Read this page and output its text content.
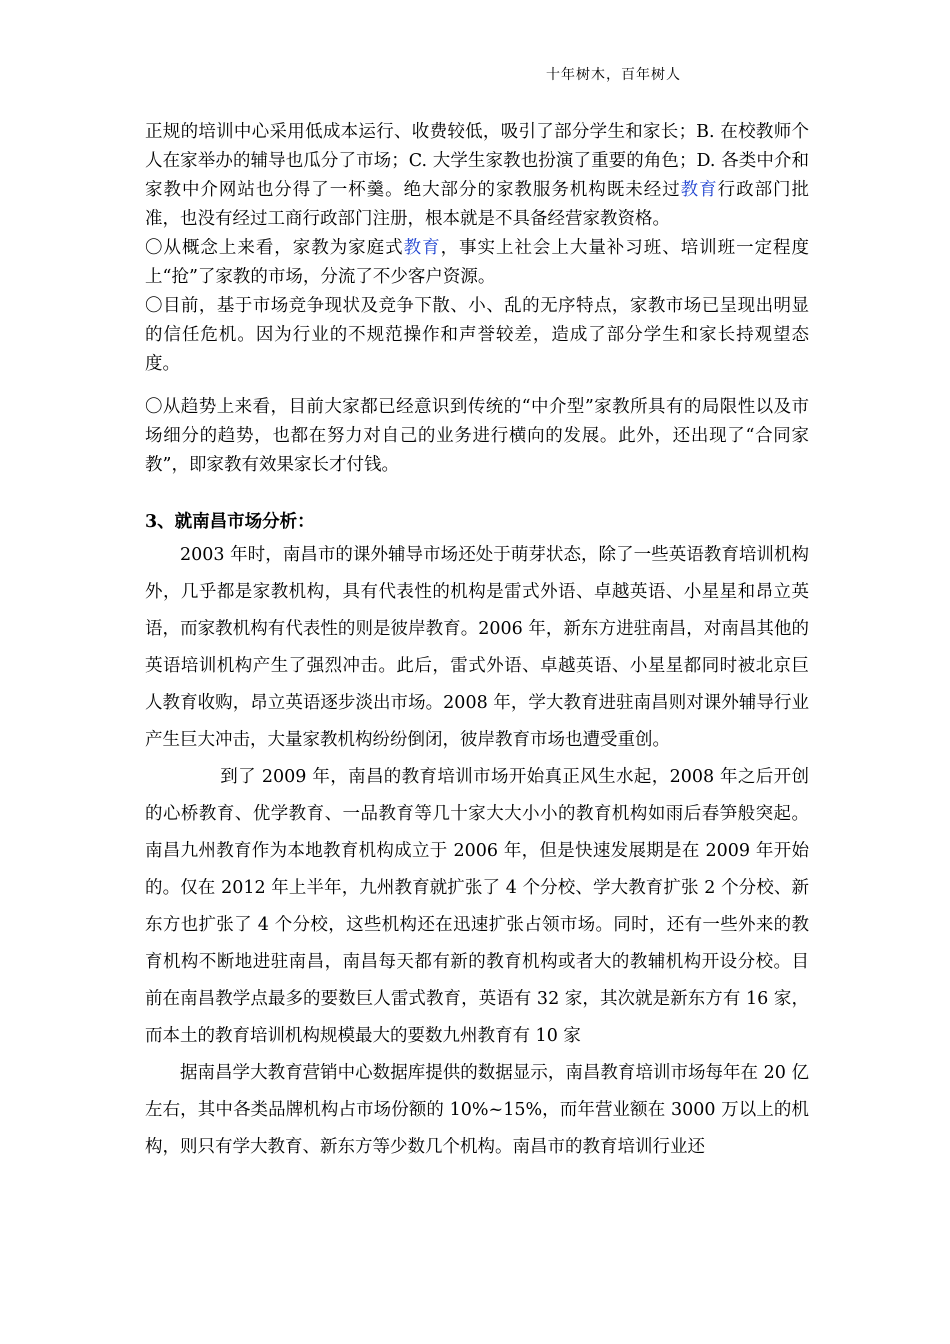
十年树木，百年树人

正规的培训中心采用低成本运行、收费较低，吸引了部分学生和家长；B. 在校教师个人在家举办的辅导也瓜分了市场；C. 大学生家教也扮演了重要的角色；D. 各类中介和家教中介网站也分得了一杯羹。绝大部分的家教服务机构既未经过教育行政部门批准，也没有经过工商行政部门注册，根本就是不具备经营家教资格。

〇从概念上来看，家教为家庭式教育，事实上社会上大量补习班、培训班一定程度上“抢”了家教的市场，分流了不少客户资源。

〇目前，基于市场竞争现状及竞争下散、小、乱的无序特点，家教市场已呈现出明显的信任危机。因为行业的不规范操作和声誉较差，造成了部分学生和家长持观望态度。

〇从趋势上来看，目前大家都已经意识到传统的“中介型”家教所具有的局限性以及市场细分的趋势，也都在努力对自己的业务进行横向的发展。此外，还出现了“合同家教”，即家教有效果家长才付钱。

3、就南昌市场分析：

2003 年时，南昌市的课外辅导市场还处于萌芽状态，除了一些英语教育培训机构外，几乎都是家教机构，具有代表性的机构是雷式外语、卓越英语、小星星和昂立英语，而家教机构有代表性的则是彼岸教育。2006 年，新东方进驻南昌，对南昌其他的英语培训机构产生了强烈冲击。此后，雷式外语、卓越英语、小星星都同时被北京巨人教育收购，昂立英语逐步淡出市场。2008 年，学大教育进驻南昌则对课外辅导行业产生巨大冲击，大量家教机构纷纷倒闭，彼岸教育市场也遭受重创。

到了 2009 年，南昌的教育培训市场开始真正风生水起，2008 年之后开创的心桥教育、优学教育、一品教育等几十家大大小小的教育机构如雨后春笋般突起。南昌九州教育作为本地教育机构成立于 2006 年，但是快速发展期是在 2009 年开始的。仅在 2012 年上半年，九州教育就扩张了 4 个分校、学大教育扩张 2 个分校、新东方也扩张了 4 个分校，这些机构还在迅速扩张占领市场。同时，还有一些外来的教育机构不断地进驻南昌，南昌每天都有新的教育机构或者大的教辅机构开设分校。目前在南昌教学点最多的要数巨人雷式教育，英语有 32 家，其次就是新东方有 16 家，而本土的教育培训机构规模最大的要数九州教育有 10 家

据南昌学大教育营销中心数据库提供的数据显示，南昌教育培训市场每年在 20 亿左右，其中各类品牌机构占市场份额的 10%~15%，而年营业额在 3000 万以上的机构，则只有学大教育、新东方等少数几个机构。南昌市的教育培训行业还
